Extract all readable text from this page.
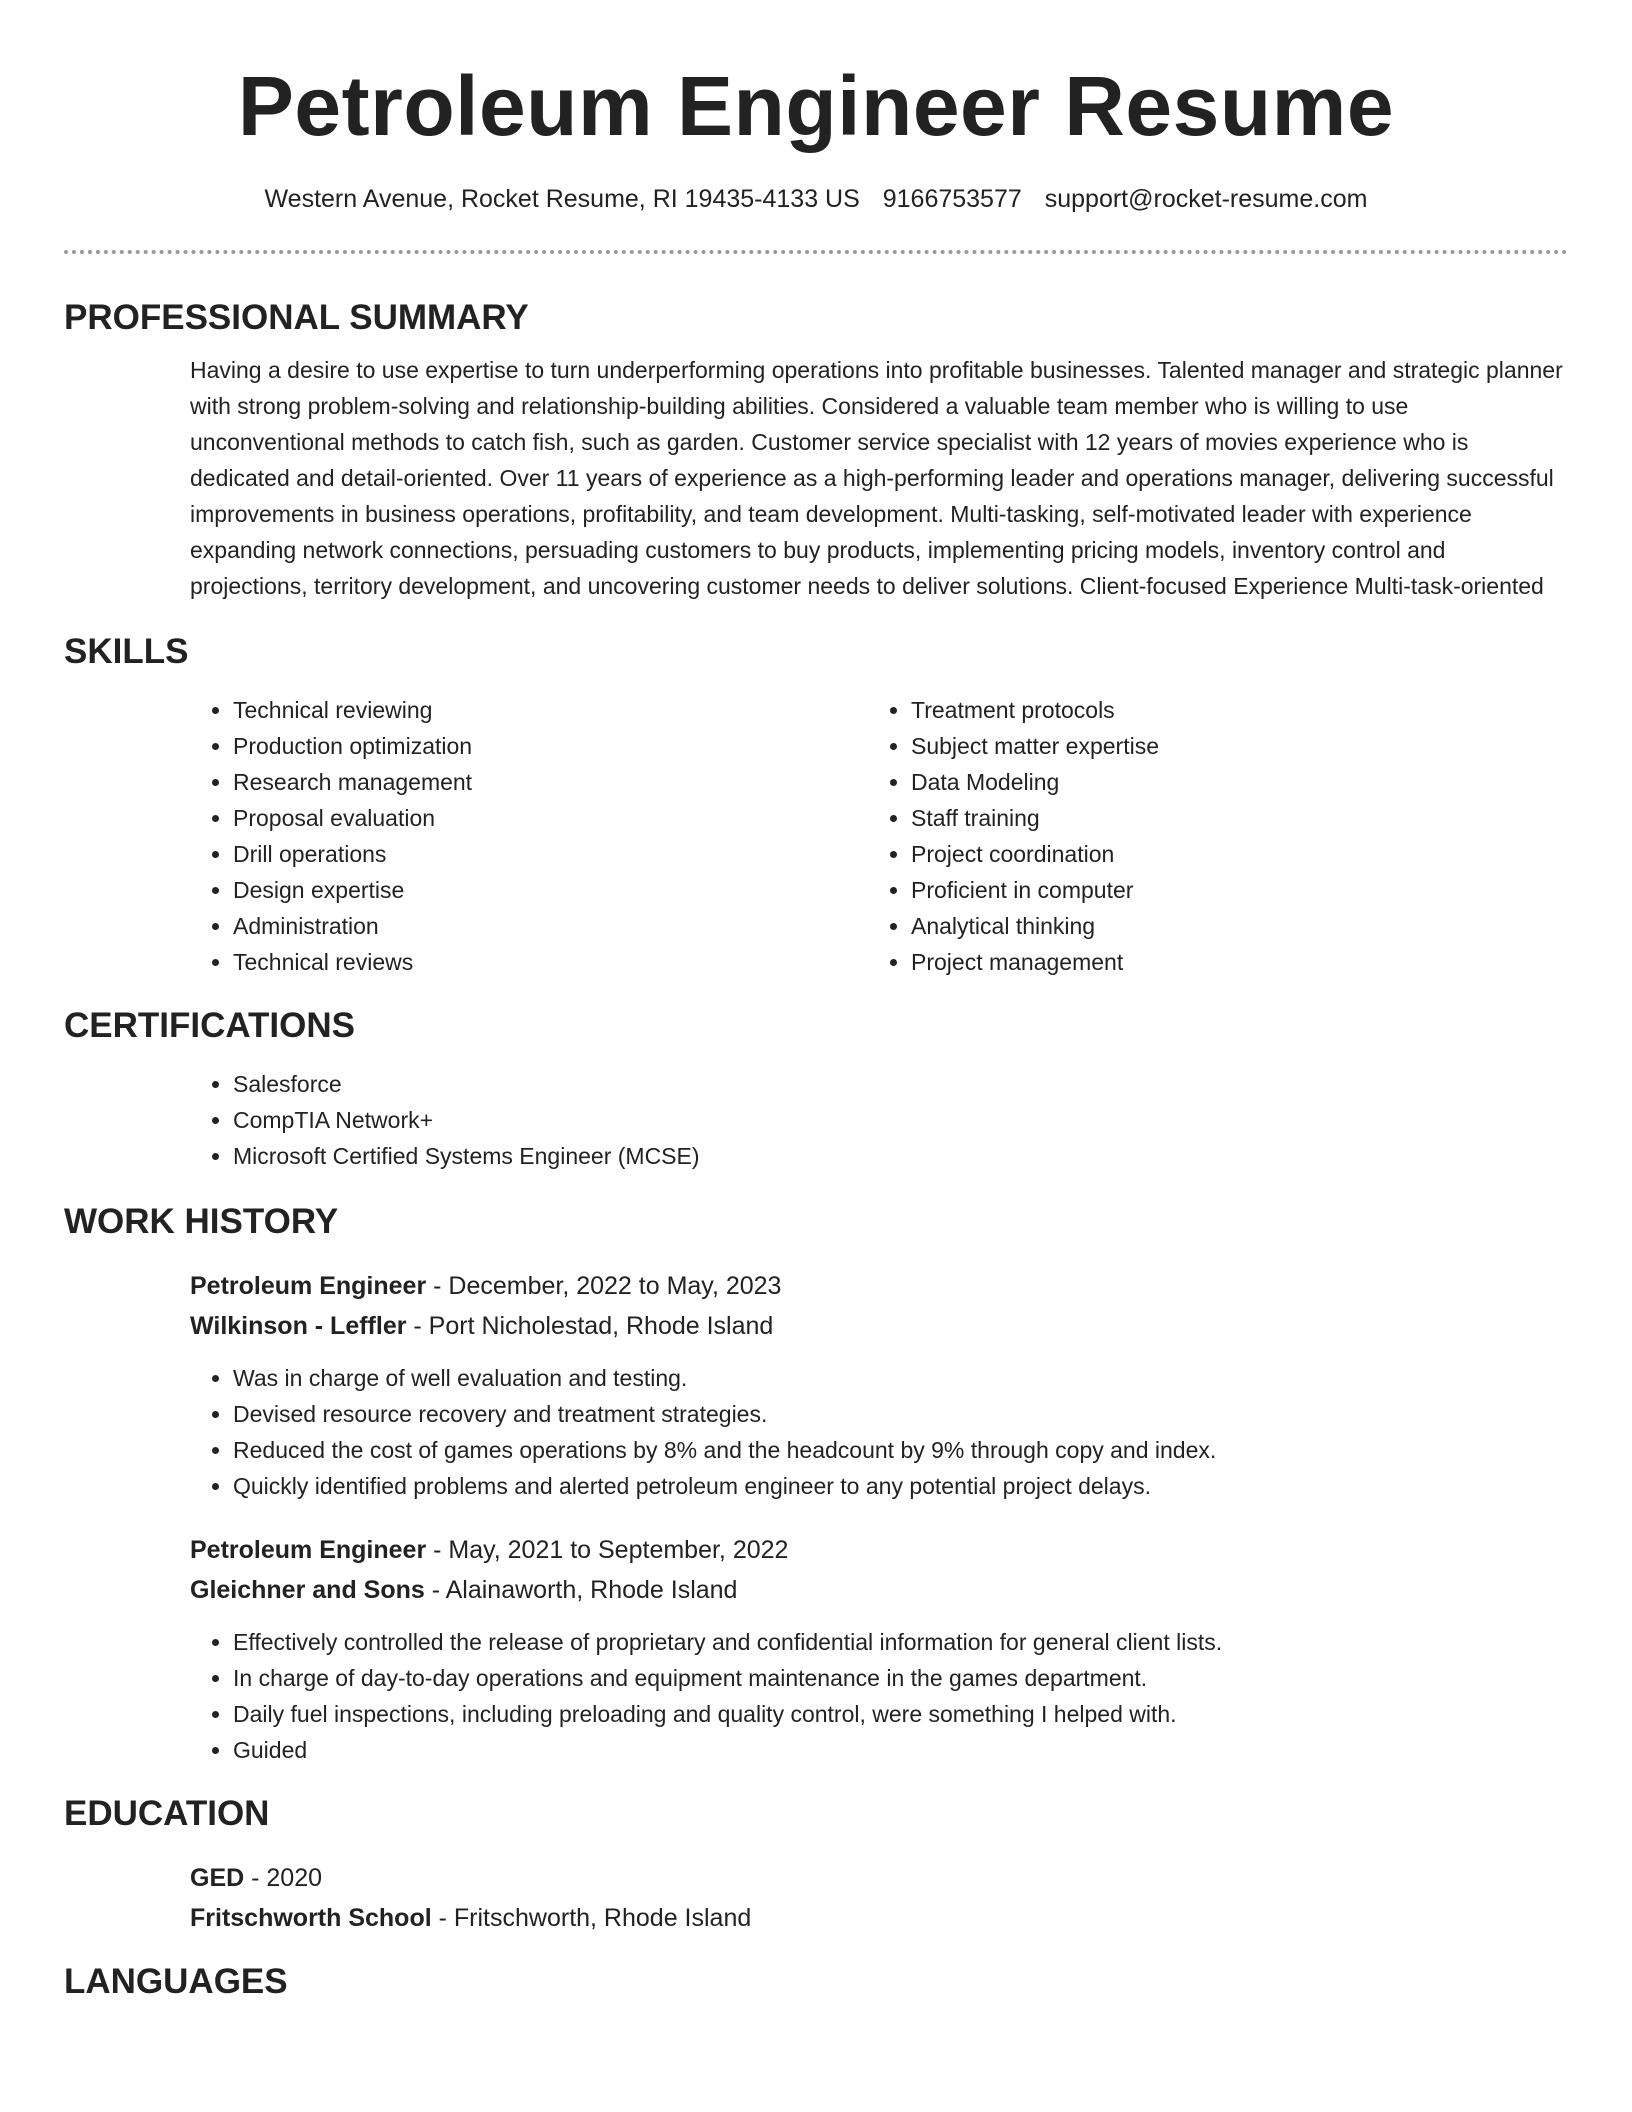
Petroleum Engineer Resume
Western Avenue, Rocket Resume, RI 19435-4133 US 9166753577 support@rocket-resume.com
PROFESSIONAL SUMMARY

Having a desire to use expertise to turn underperforming operations into profitable businesses. Talented manager and strategic planner with strong problem-solving and relationship-building abilities. Considered a valuable team member who is willing to use unconventional methods to catch fish, such as garden. Customer service specialist with 12 years of movies experience who is dedicated and detail-oriented. Over 11 years of experience as a high-performing leader and operations manager, delivering successful improvements in business operations, profitability, and team development. Multi-tasking, self-motivated leader with experience expanding network connections, persuading customers to buy products, implementing pricing models, inventory control and projections, territory development, and uncovering customer needs to deliver solutions. Client-focused Experience Multi-task-oriented

SKILLS
• Technical reviewing
• Production optimization
• Research management
• Proposal evaluation
• Drill operations
• Design expertise
• Administration
• Technical reviews
• Treatment protocols
• Subject matter expertise
• Data Modeling
• Staff training
• Project coordination
• Proficient in computer
• Analytical thinking
• Project management
CERTIFICATIONS
• Salesforce
• CompTIA Network+
• Microsoft Certified Systems Engineer (MCSE)
WORK HISTORY
Petroleum Engineer - December, 2022 to May, 2023
Wilkinson - Leffler - Port Nicholestad, Rhode Island
• Was in charge of well evaluation and testing.
• Devised resource recovery and treatment strategies.
• Reduced the cost of games operations by 8% and the headcount by 9% through copy and index.
• Quickly identified problems and alerted petroleum engineer to any potential project delays.
Petroleum Engineer - May, 2021 to September, 2022
Gleichner and Sons - Alainaworth, Rhode Island
• Effectively controlled the release of proprietary and confidential information for general client lists.
• In charge of day-to-day operations and equipment maintenance in the games department.
• Daily fuel inspections, including preloading and quality control, were something I helped with.
• Guided
EDUCATION
GED - 2020
Fritschworth School - Fritschworth, Rhode Island
LANGUAGES
